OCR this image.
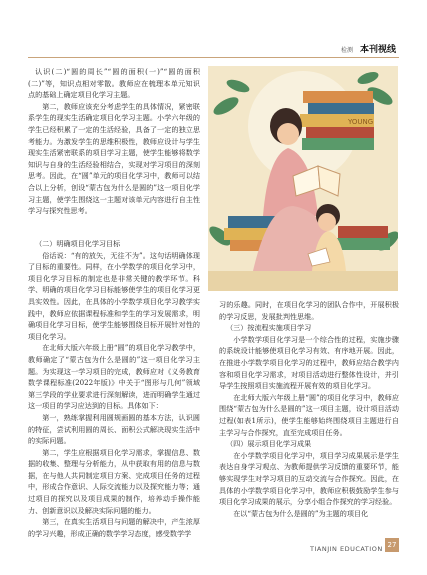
检测 本刊视线

认识(二)“圆的周长”“圆的面积(一)”“圆的面积(二)”等，知识点相对零散。教师应在梳理本单元知识点的基础上确定项目化学习主题。

第二，教师应该充分考虑学生的具体情况，紧密联系学生的现实生活确定项目化学习主题。小学六年级的学生已经积累了一定的生活经验，具备了一定的独立思考能力。为激发学生的思维积极性，教师应设计与学生现实生活紧密联系的项目学习主题，使学生能够将数学知识与自身的生活经验相结合，实现对学习项目的深刻思考。因此，在“圆”单元的项目化学习中，教师可以结合以上分析，创设“蒙古包为什么是圆的”这一项目化学习主题，使学生围绕这一主题对该单元内容进行自主性学习与探究性思考。

（二）明确项目化学习目标

俗话说：“有的放矢，无往不为”。这句话明确体现了目标的重要性。同样，在小学数学的项目化学习中，项目化学习目标的制定也是非常关键的教学环节。科学、明确的项目化学习目标能够使学生的项目化学习更具实效性。因此，在具体的小学数学项目化学习教学实践中，教师应依据课程标准和学生的学习发展需求，明确项目化学习目标，使学生能够围绕目标开展针对性的项目化学习。

在北师大版六年级上册“圆”的项目化学习教学中，教师确定了“蒙古包为什么是圆的”这一项目化学习主题。为实现这一学习项目的完成，教师应对《义务教育数学课程标准(2022年版)》中关于“图形与几何”领域第三学段的学业要求进行深刻解读，进而明确学生通过这一项目的学习应达到的目标。具体如下：

第一，熟练掌握利用圆规画圆的基本方法，认识圆的特征，尝试利用圆的周长、面积公式解决现实生活中的实际问题。

第二，学生应根据项目化学习需求，掌握信息、数据的收集、整理与分析能力，从中获取有用的信息与数据，在与他人共同制定项目方案、完成项目任务的过程中，形成合作意识、人际交流能力以及探究能力等；通过项目的探究以及项目成果的制作，培养动手操作能力、创新意识以及解决实际问题的能力。

第三，在真实生活项目与问题的解决中，产生浓厚的学习兴趣，形成正确的数学学习态度，感受数学学

YOUNG

习的乐趣。同时，在项目化学习的团队合作中，开展积极的学习反思，发展批判性思维。

（三）按流程实施项目学习

小学数学项目化学习是一个综合性的过程，实施步骤的系统设计能够使项目化学习有效、有序地开展。因此，在推进小学数学项目化学习的过程中，教师应结合教学内容和项目化学习需求，对项目活动进行整体性设计，并引导学生按照项目实施流程开展有效的项目化学习。

在北师大版六年级上册“圆”的项目化学习中，教师应围绕“蒙古包为什么是圆的”这一项目主题，设计项目活动过程(如表1所示)，使学生能够始终围绕项目主题进行自主学习与合作探究，直至完成项目任务。

（四）展示项目化学习成果

在小学数学项目化学习中，项目学习成果展示是学生表达自身学习观点、为教师提供学习反馈的重要环节，能够实现学生对学习项目的互动交流与合作探究。因此，在具体的小学数学项目化学习中，教师应积极鼓励学生参与项目化学习成果的展示，分享小组合作探究的学习经验。

在以“蒙古包为什么是圆的”为主题的项目化

TIANJIN EDUCATION 27
